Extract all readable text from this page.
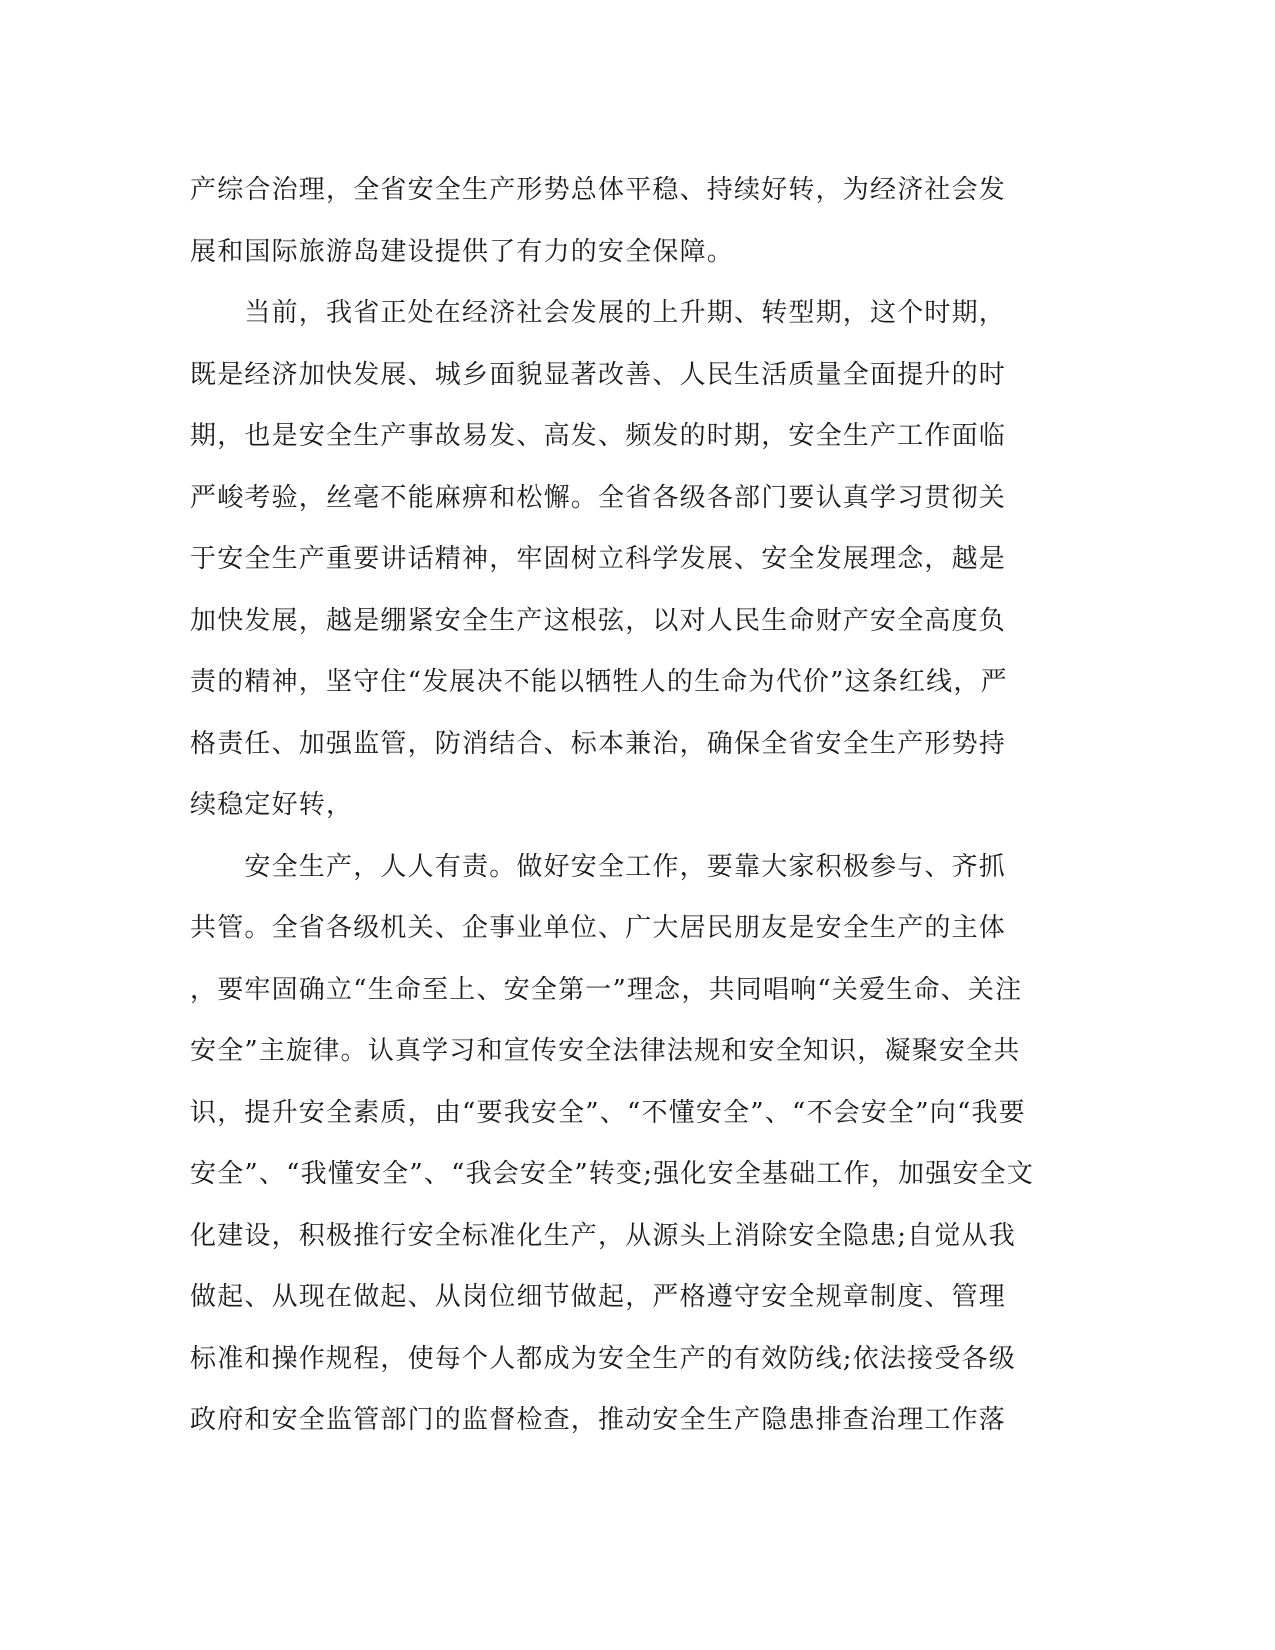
产综合治理，全省安全生产形势总体平稳、持续好转，为经济社会发
展和国际旅游岛建设提供了有力的安全保障。
　　当前，我省正处在经济社会发展的上升期、转型期，这个时期，
既是经济加快发展、城乡面貌显著改善、人民生活质量全面提升的时
期，也是安全生产事故易发、高发、频发的时期，安全生产工作面临
严峻考验，丝毫不能麻痹和松懈。全省各级各部门要认真学习贯彻关
于安全生产重要讲话精神，牢固树立科学发展、安全发展理念，越是
加快发展，越是绷紧安全生产这根弦，以对人民生命财产安全高度负
责的精神，坚守住“发展决不能以牺牲人的生命为代价”这条红线，严
格责任、加强监管，防消结合、标本兼治，确保全省安全生产形势持
续稳定好转，
　　安全生产，人人有责。做好安全工作，要靠大家积极参与、齐抓
共管。全省各级机关、企事业单位、广大居民朋友是安全生产的主体
，要牢固确立“生命至上、安全第一”理念，共同唱响“关爱生命、关注
安全”主旋律。认真学习和宣传安全法律法规和安全知识，凝聚安全共
识，提升安全素质，由“要我安全”、“不懂安全”、“不会安全”向“我要
安全”、“我懂安全”、“我会安全”转变;强化安全基础工作，加强安全文
化建设，积极推行安全标准化生产，从源头上消除安全隐患;自觉从我
做起、从现在做起、从岗位细节做起，严格遵守安全规章制度、管理
标准和操作规程，使每个人都成为安全生产的有效防线;依法接受各级
政府和安全监管部门的监督检查，推动安全生产隐患排查治理工作落
